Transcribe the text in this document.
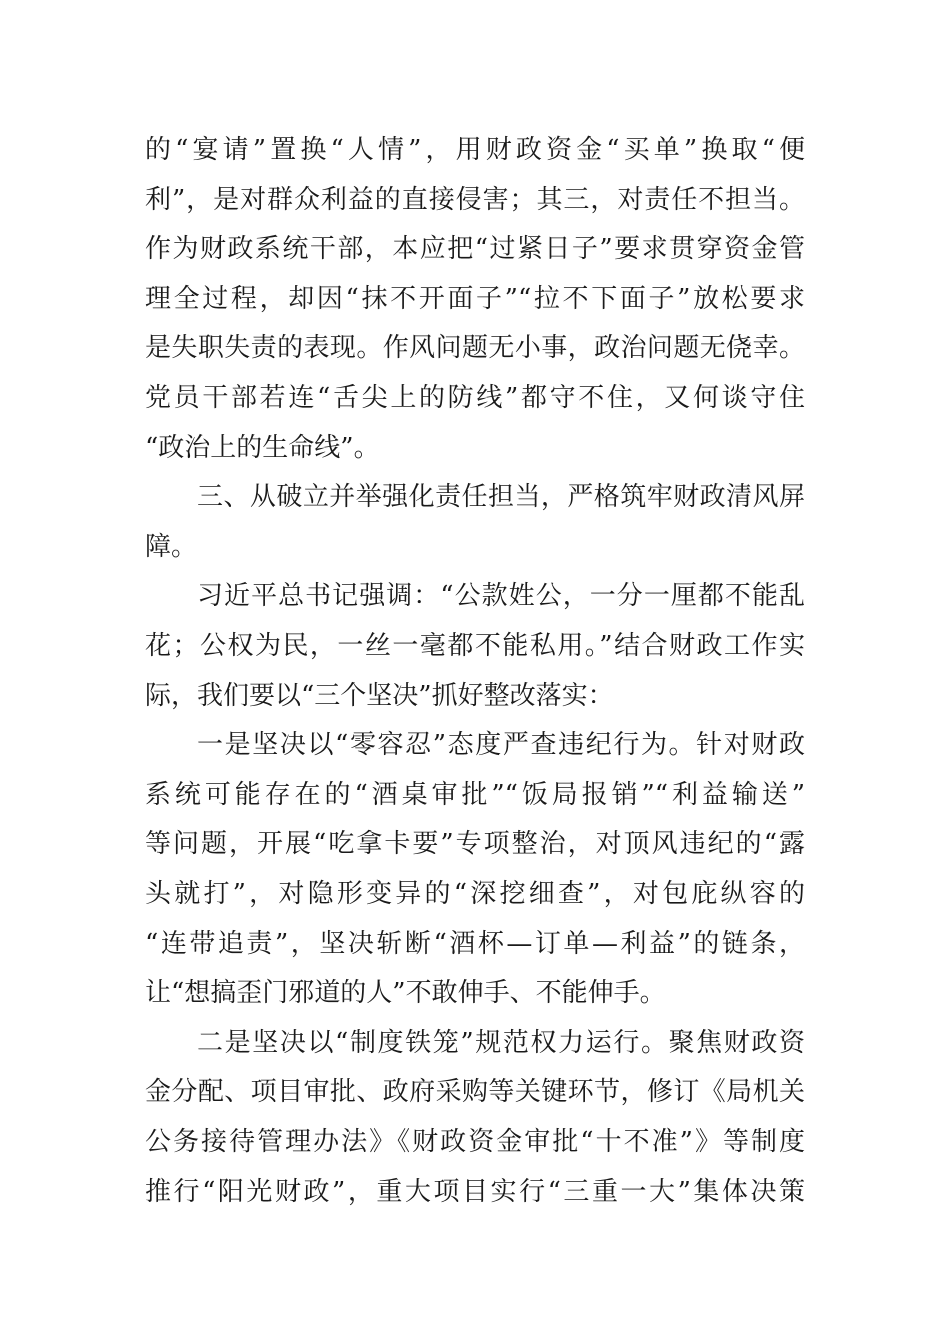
的“宴请”置换“人情”，用财政资金“买单”换取“便
利”，是对群众利益的直接侵害；其三，对责任不担当。
作为财政系统干部，本应把“过紧日子”要求贯穿资金管
理全过程，却因“抹不开面子”“拉不下面子”放松要求
是失职失责的表现。作风问题无小事，政治问题无侥幸。
党员干部若连“舌尖上的防线”都守不住，又何谈守住
“政治上的生命线”。
三、从破立并举强化责任担当，严格筑牢财政清风屏
障。
习近平总书记强调：“公款姓公，一分一厘都不能乱
花；公权为民，一丝一毫都不能私用。”结合财政工作实
际，我们要以“三个坚决”抓好整改落实：
一是坚决以“零容忍”态度严查违纪行为。针对财政
系统可能存在的“酒桌审批”“饭局报销”“利益输送”
等问题，开展“吃拿卡要”专项整治，对顶风违纪的“露
头就打”，对隐形变异的“深挖细查”，对包庇纵容的
“连带追责”，坚决斩断“酒杯—订单—利益”的链条，
让“想搞歪门邪道的人”不敢伸手、不能伸手。
二是坚决以“制度铁笼”规范权力运行。聚焦财政资
金分配、项目审批、政府采购等关键环节，修订《局机关
公务接待管理办法》《财政资金审批“十不准”》等制度
推行“阳光财政”，重大项目实行“三重一大”集体决策
